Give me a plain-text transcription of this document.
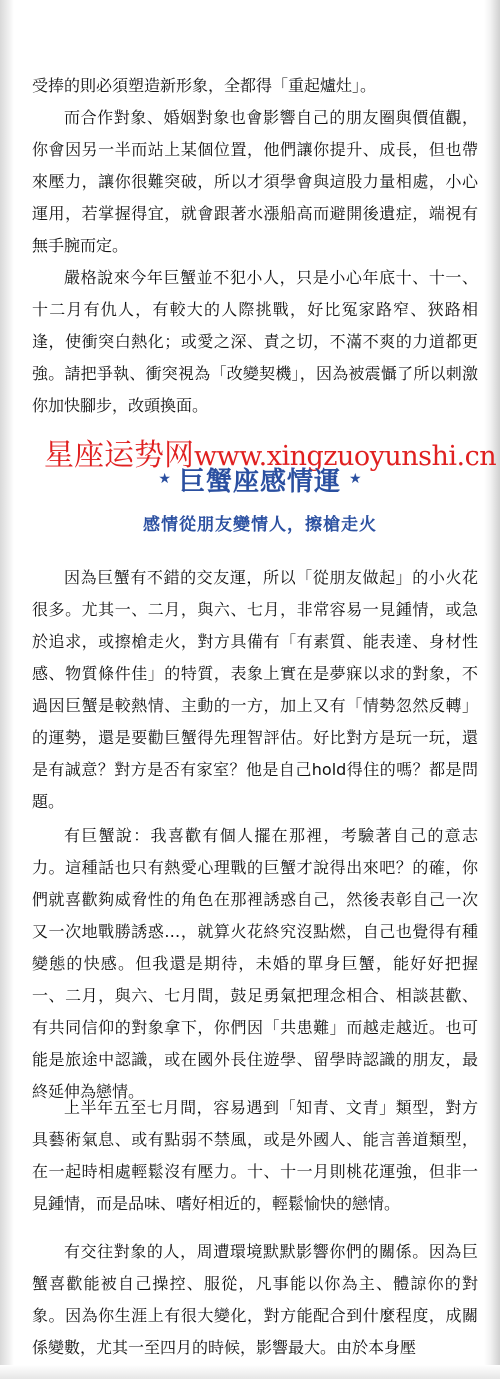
受捧的則必須塑造新形象，全都得「重起爐灶」。

而合作對象、婚姻對象也會影響自己的朋友圈與價值觀，你會因另一半而站上某個位置，他們讓你提升、成長，但也帶來壓力，讓你很難突破，所以才須學會與這股力量相處，小心運用，若掌握得宜，就會跟著水漲船高而避開後遺症，端視有無手腕而定。

嚴格說來今年巨蟹並不犯小人，只是小心年底十、十一、十二月有仇人，有較大的人際挑戰，好比冤家路窄、狹路相逢，使衝突白熱化；或愛之深、責之切，不滿不爽的力道都更強。請把爭執、衝突視為「改變契機」，因為被震懾了所以刺激你加快腳步，改頭換面。

星座运势网www.xingzuoyunshi.cn
★ 巨蟹座感情運 ★
感情從朋友變情人，擦槍走火

因為巨蟹有不錯的交友運，所以「從朋友做起」的小火花很多。尤其一、二月，與六、七月，非常容易一見鍾情，或急於追求，或擦槍走火，對方具備有「有素質、能表達、身材性感、物質條件佳」的特質，表象上實在是夢寐以求的對象，不過因巨蟹是較熱情、主動的一方，加上又有「情勢忽然反轉」的運勢，還是要勸巨蟹得先理智評估。好比對方是玩一玩，還是有誠意？對方是否有家室？他是自己hold得住的嗎？都是問題。

有巨蟹說：我喜歡有個人擺在那裡，考驗著自己的意志力。這種話也只有熱愛心理戰的巨蟹才說得出來吧？的確，你們就喜歡夠威脅性的角色在那裡誘惑自己，然後表彰自己一次又一次地戰勝誘惑…，就算火花終究沒點燃，自己也覺得有種變態的快感。但我還是期待，未婚的單身巨蟹，能好好把握一、二月，與六、七月間，鼓足勇氣把理念相合、相談甚歡、有共同信仰的對象拿下，你們因「共患難」而越走越近。也可能是旅途中認識，或在國外長住遊學、留學時認識的朋友，最終延伸為戀情。

上半年五至七月間，容易遇到「知青、文青」類型，對方具藝術氣息、或有點弱不禁風，或是外國人、能言善道類型，在一起時相處輕鬆沒有壓力。十、十一月則桃花運強，但非一見鍾情，而是品味、嗜好相近的，輕鬆愉快的戀情。

有交往對象的人，周遭環境默默影響你們的關係。因為巨蟹喜歡能被自己操控、服從，凡事能以你為主、體諒你的對象。因為你生涯上有很大變化，對方能配合到什麼程度，成關係變數，尤其一至四月的時候，影響最大。由於本身壓
